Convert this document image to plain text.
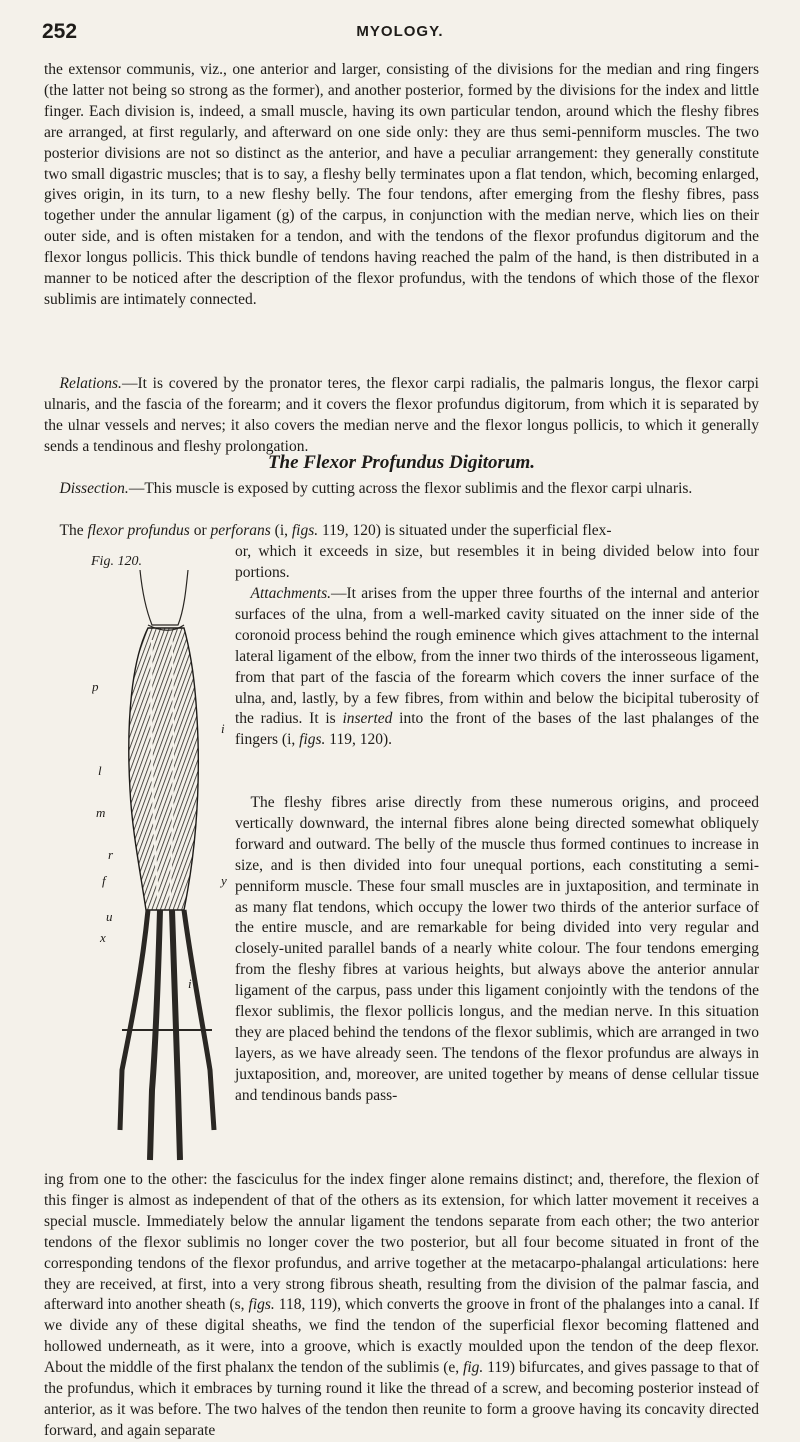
252	MYOLOGY.

the extensor communis, viz., one anterior and larger, consisting of the divisions for the median and ring fingers (the latter not being so strong as the former), and another posterior, formed by the divisions for the index and little finger. Each division is, indeed, a small muscle, having its own particular tendon, around which the fleshy fibres are arranged, at first regularly, and afterward on one side only: they are thus semi-penniform muscles. The two posterior divisions are not so distinct as the anterior, and have a peculiar arrangement: they generally constitute two small digastric muscles; that is to say, a fleshy belly terminates upon a flat tendon, which, becoming enlarged, gives origin, in its turn, to a new fleshy belly. The four tendons, after emerging from the fleshy fibres, pass together under the annular ligament (g) of the carpus, in conjunction with the median nerve, which lies on their outer side, and is often mistaken for a tendon, and with the tendons of the flexor profundus digitorum and the flexor longus pollicis. This thick bundle of tendons having reached the palm of the hand, is then distributed in a manner to be noticed after the description of the flexor profundus, with the tendons of which those of the flexor sublimis are intimately connected.

 Relations.—It is covered by the pronator teres, the flexor carpi radialis, the palmaris longus, the flexor carpi ulnaris, and the fascia of the forearm; and it covers the flexor profundus digitorum, from which it is separated by the ulnar vessels and nerves; it also covers the median nerve and the flexor longus pollicis, to which it generally sends a tendinous and fleshy prolongation.

The Flexor Profundus Digitorum.

 Dissection.—This muscle is exposed by cutting across the flexor sublimis and the flexor carpi ulnaris.

 The flexor profundus or perforans (i, figs. 119, 120) is situated under the superficial flex-

Fig. 120.
p
i
l
m
r
f	y
u
x
i

or, which it exceeds in size, but resembles it in being divided below into four portions.

 Attachments.—It arises from the upper three fourths of the internal and anterior surfaces of the ulna, from a well-marked cavity situated on the inner side of the coronoid process behind the rough eminence which gives attachment to the internal lateral ligament of the elbow, from the inner two thirds of the interosseous ligament, from that part of the fascia of the forearm which covers the inner surface of the ulna, and, lastly, by a few fibres, from within and below the bicipital tuberosity of the radius. It is inserted into the front of the bases of the last phalanges of the fingers (i, figs. 119, 120).

 The fleshy fibres arise directly from these numerous origins, and proceed vertically downward, the internal fibres alone being directed somewhat obliquely forward and outward. The belly of the muscle thus formed continues to increase in size, and is then divided into four unequal portions, each constituting a semi-penniform muscle. These four small muscles are in juxtaposition, and terminate in as many flat tendons, which occupy the lower two thirds of the anterior surface of the entire muscle, and are remarkable for being divided into very regular and closely-united parallel bands of a nearly white colour. The four tendons emerging from the fleshy fibres at various heights, but always above the anterior annular ligament of the carpus, pass under this ligament conjointly with the tendons of the flexor sublimis, the flexor pollicis longus, and the median nerve. In this situation they are placed behind the tendons of the flexor sublimis, which are arranged in two layers, as we have already seen. The tendons of the flexor profundus are always in juxtaposition, and, moreover, are united together by means of dense cellular tissue and tendinous bands pass-

ing from one to the other: the fasciculus for the index finger alone remains distinct; and, therefore, the flexion of this finger is almost as independent of that of the others as its extension, for which latter movement it receives a special muscle. Immediately below the annular ligament the tendons separate from each other; the two anterior tendons of the flexor sublimis no longer cover the two posterior, but all four become situated in front of the corresponding tendons of the flexor profundus, and arrive together at the metacarpo-phalangal articulations: here they are received, at first, into a very strong fibrous sheath, resulting from the division of the palmar fascia, and afterward into another sheath (s, figs. 118, 119), which converts the groove in front of the phalanges into a canal. If we divide any of these digital sheaths, we find the tendon of the superficial flexor becoming flattened and hollowed underneath, as it were, into a groove, which is exactly moulded upon the tendon of the deep flexor. About the middle of the first phalanx the tendon of the sublimis (e, fig. 119) bifurcates, and gives passage to that of the profundus, which it embraces by turning round it like the thread of a screw, and becoming posterior instead of anterior, as it was before. The two halves of the tendon then reunite to form a groove having its concavity directed forward, and again separate
